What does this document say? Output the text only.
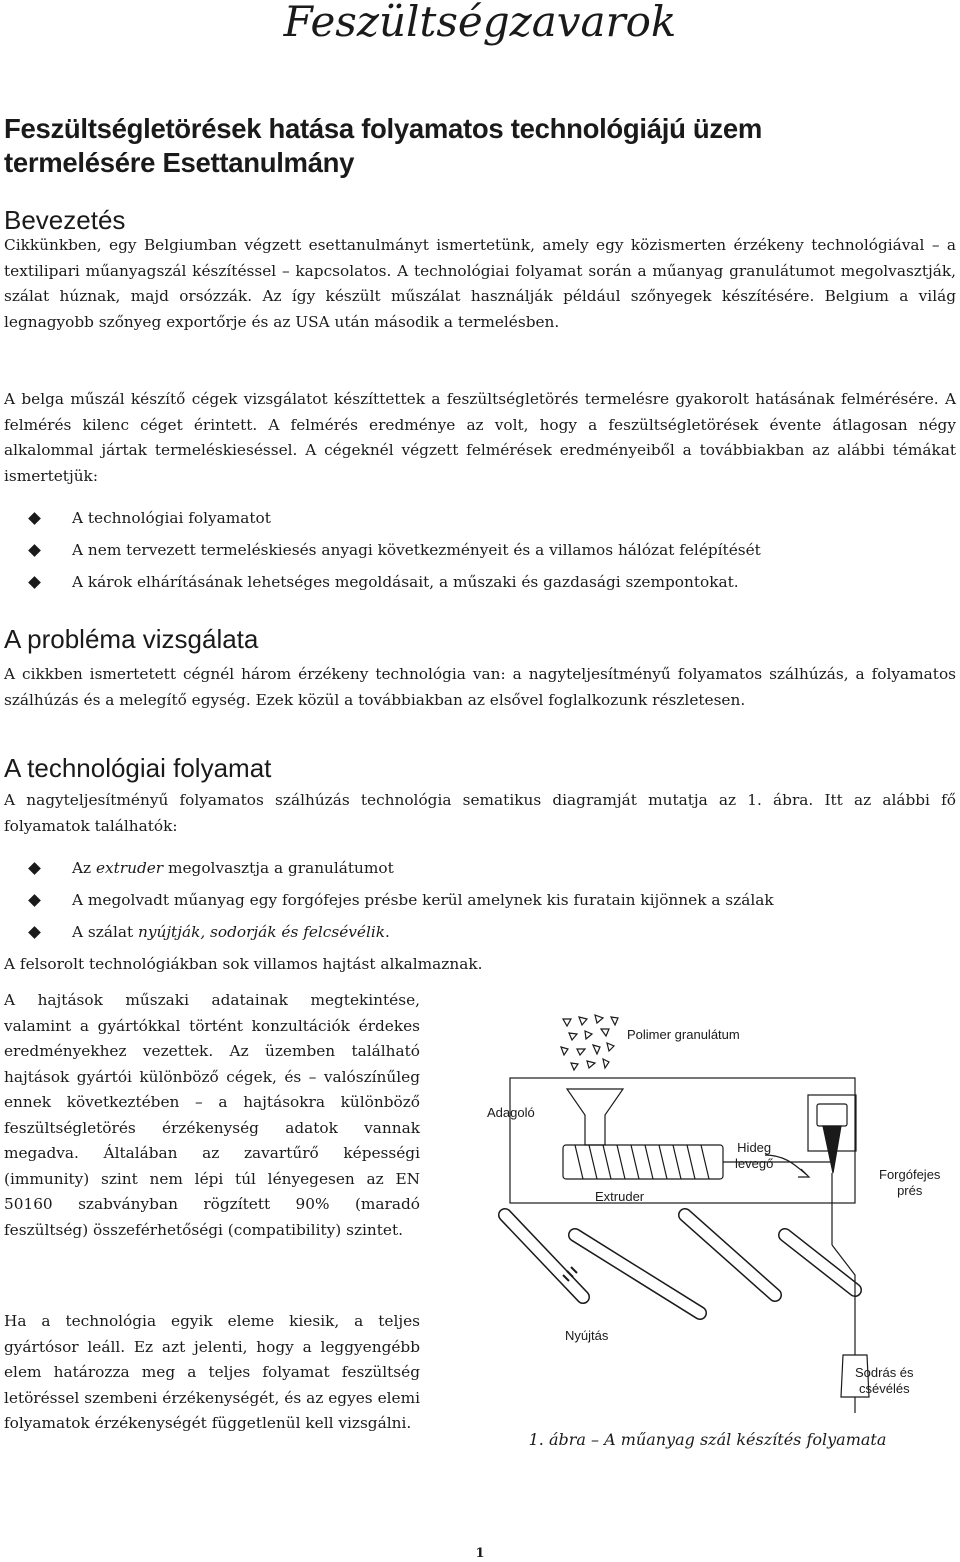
Feszültségzavarok
Feszültségletörések hatása folyamatos technológiájú üzem termelésére Esettanulmány
Bevezetés

Cikkünkben, egy Belgiumban végzett esettanulmányt ismertetünk, amely egy közismerten érzékeny technológiával – a textilipari műanyagszál készítéssel – kapcsolatos. A technológiai folyamat során a műanyag granulátumot megolvasztják, szálat húznak, majd orsózzák. Az így készült műszálat használják például szőnyegek készítésére. Belgium a világ legnagyobb szőnyeg exportőrje és az USA után második a termelésben.

A belga műszál készítő cégek vizsgálatot készíttettek a feszültségletörés termelésre gyakorolt hatásának felmérésére. A felmérés kilenc céget érintett. A felmérés eredménye az volt, hogy a feszültségletörések évente átlagosan négy alkalommal jártak termeléskieséssel. A cégeknél végzett felmérések eredményeiből a továbbiakban az alábbi témákat ismertetjük:

A technológiai folyamatot
A nem tervezett termeléskiesés anyagi következményeit és a villamos hálózat felépítését
A károk elhárításának lehetséges megoldásait, a műszaki és gazdasági szempontokat.
A probléma vizsgálata

A cikkben ismertetett cégnél három érzékeny technológia van: a nagyteljesítményű folyamatos szálhúzás, a folyamatos szálhúzás és a melegítő egység. Ezek közül a továbbiakban az elsővel foglalkozunk részletesen.

A technológiai folyamat

A nagyteljesítményű folyamatos szálhúzás technológia sematikus diagramját mutatja az 1. ábra. Itt az alábbi fő folyamatok találhatók:

Az extruder megolvasztja a granulátumot
A megolvadt műanyag egy forgófejes présbe kerül amelynek kis furatain kijönnek a szálak
A szálat nyújtják, sodorják és felcsévélik.

A felsorolt technológiákban sok villamos hajtást alkalmaznak.

A hajtások műszaki adatainak megtekintése, valamint a gyártókkal történt konzultációk érdekes eredményekhez vezettek. Az üzemben található hajtások gyártói különböző cégek, és – valószínűleg ennek következtében – a hajtásokra különböző feszültségletörés érzékenység adatok vannak megadva. Általában az zavartűrő képességi (immunity) szint nem lépi túl lényegesen az EN 50160 szabványban rögzített 90% (maradó feszültség) összeférhetőségi (compatibility) szintet.

Ha a technológia egyik eleme kiesik, a teljes gyártósor leáll. Ez azt jelenti, hogy a leggyengébb elem határozza meg a teljes folyamat feszültség letöréssel szembeni érzékenységét, és az egyes elemi folyamatok érzékenységét függetlenül kell vizsgálni.

Polimer granulátum
Adagoló
Hideg
levegő
Forgófejes
prés
Extruder
Nyújtás
Sodrás és
csévélés

1. ábra – A műanyag szál készítés folyamata

1
